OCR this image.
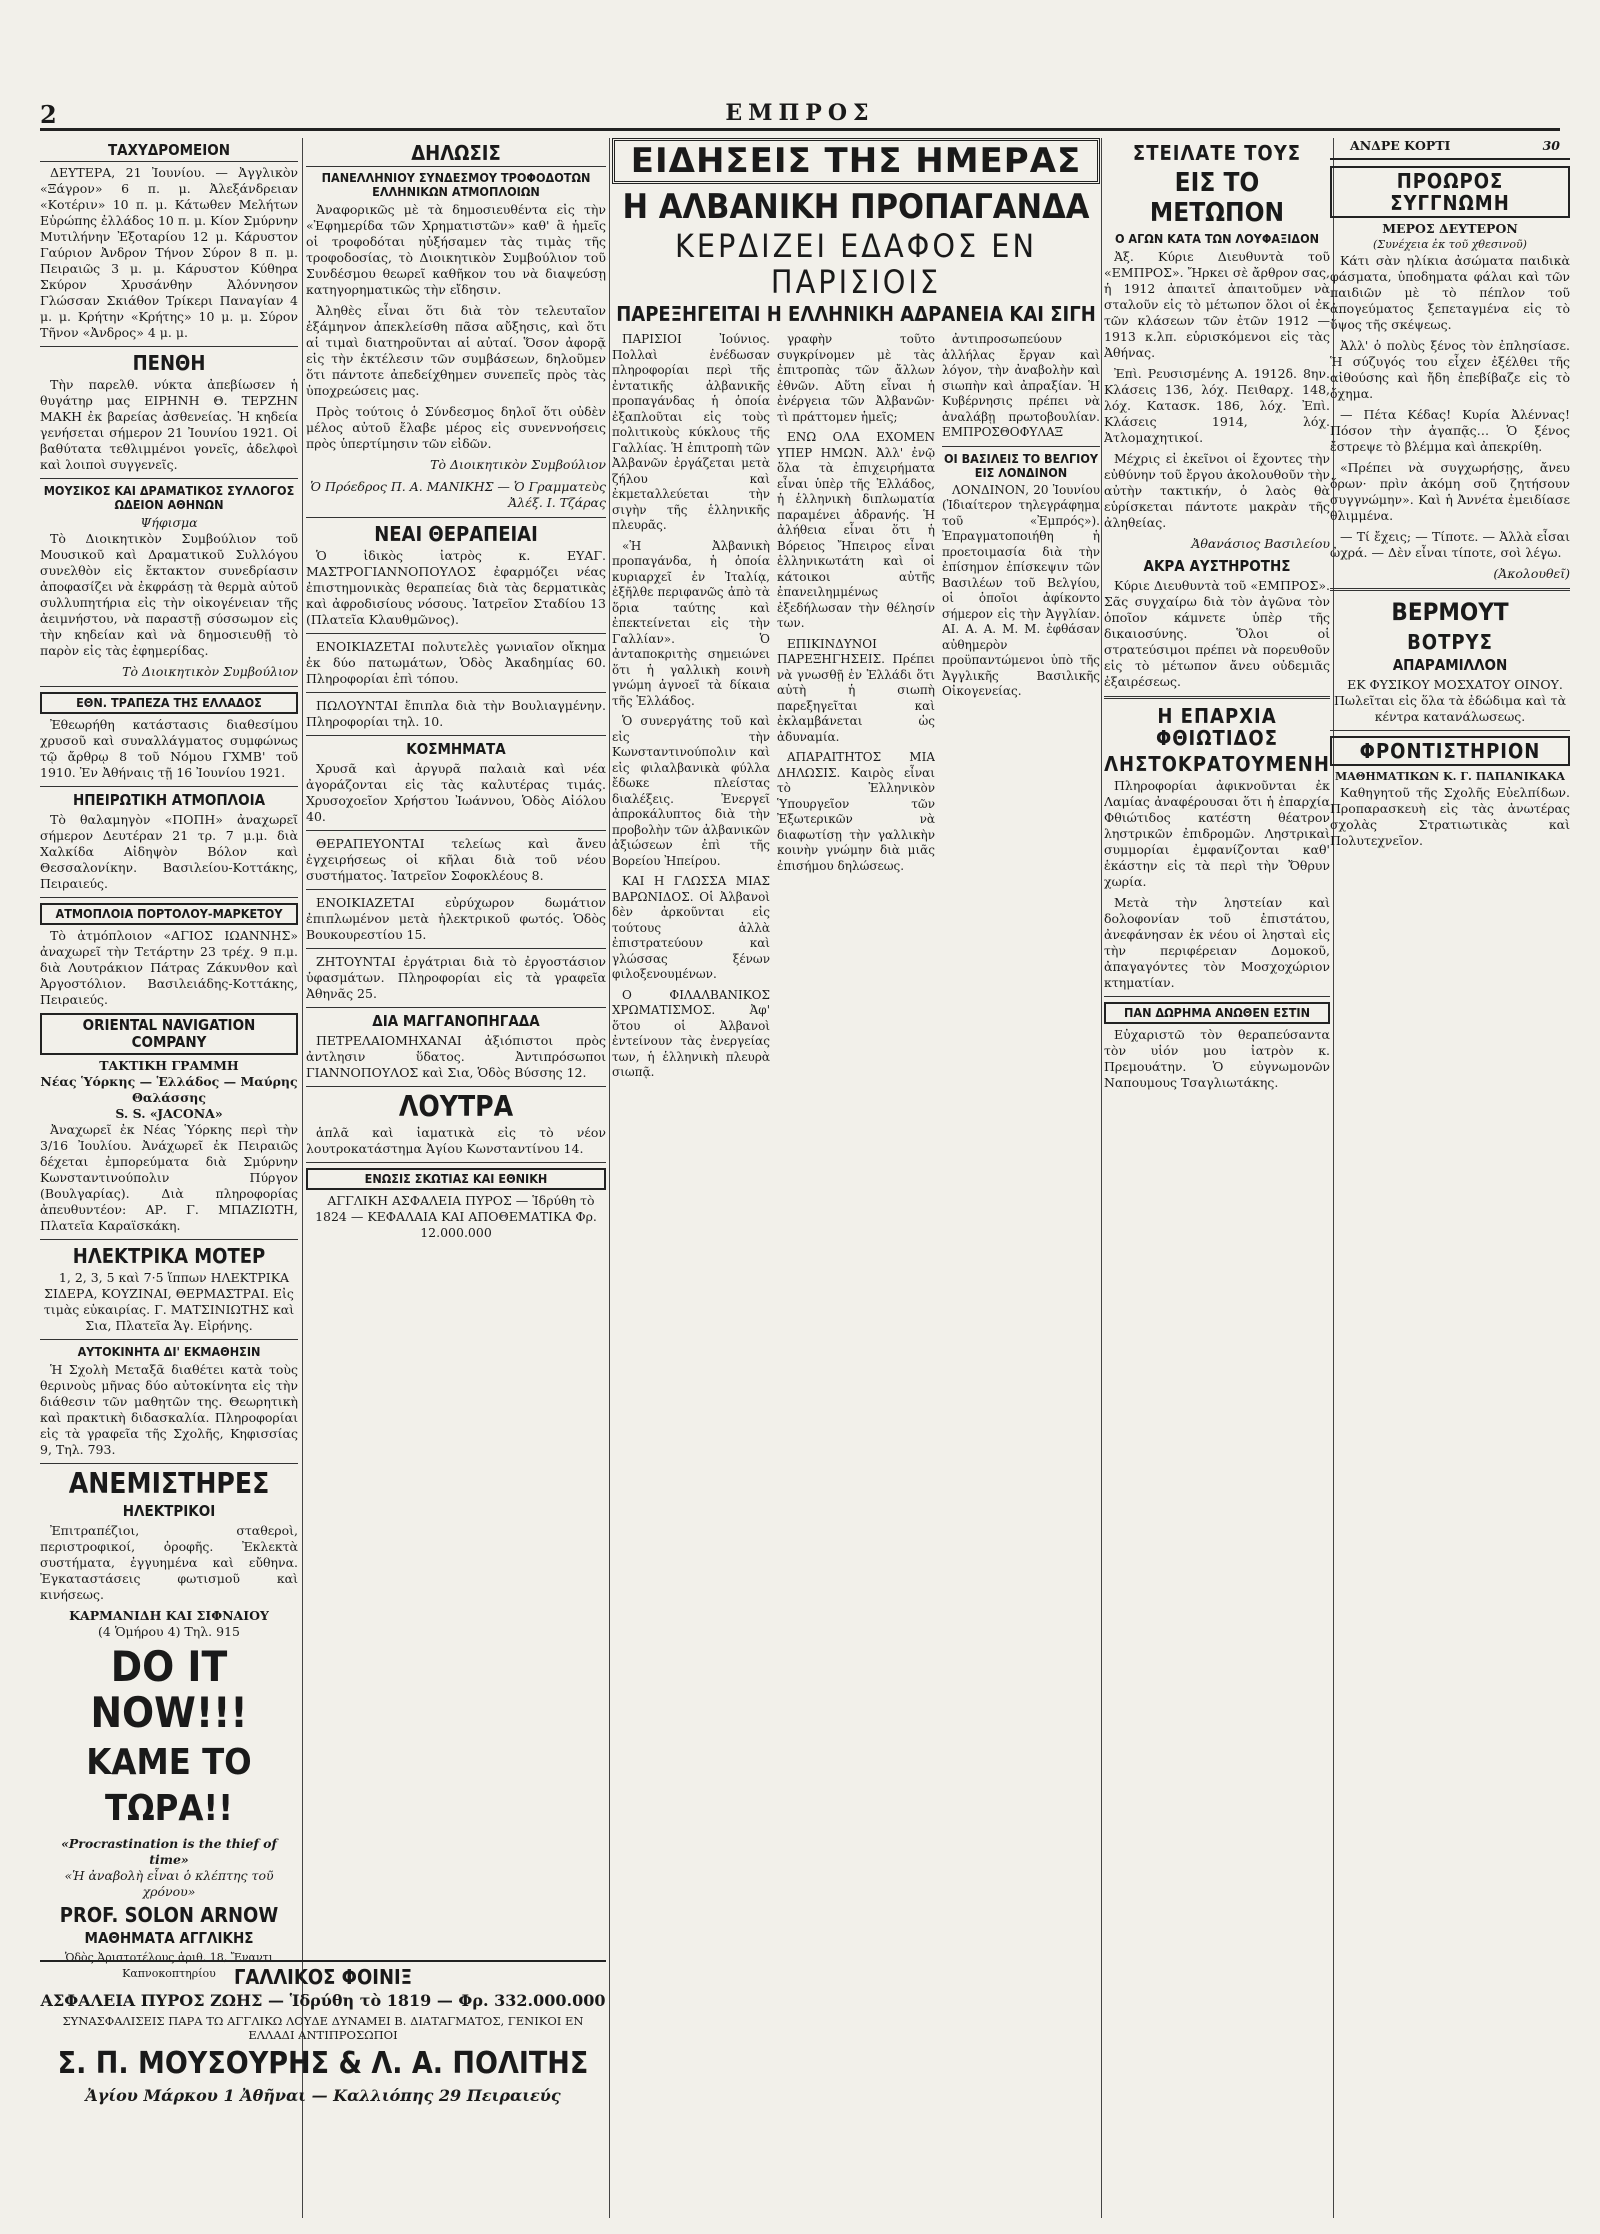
2	ΕΜΠΡΟΣ
ΤΑΧΥΔΡΟΜΕΙΟΝ

ΔΕΥΤΕΡΑ, 21 Ἰουνίου. — Ἀγγλικὸν «Ξάγρον» 6 π. μ. Ἀλεξάνδρειαν «Κοτέριν» 10 π. μ. Κάτωθεν Μελήτων Εὐρώπης ἐλλάδος 10 π. μ. Κίον Σμύρνην Μυτιλήνην Ἐξοταρίου 12 μ. Κάρυστον Γαύριον Ἀνδρον Τήνον Σύρον 8 π. μ. Πειραιῶς 3 μ. μ. Κάρυστον Κύθηρα Σκύρον Χρυσάνθην Ἀλόννησον Γλώσσαν Σκιάθον Τρίκερι Παναγίαν 4 μ. μ. Κρήτην «Κρήτης» 10 μ. μ. Σύρον Τῆνον «Ἀνδρος» 4 μ. μ.

ΠΕΝΘΗ

Τὴν παρελθ. νύκτα ἀπεβίωσεν ἡ θυγάτηρ μας ΕΙΡΗΝΗ Θ. ΤΕΡΖΗΝ ΜΑΚΗ ἐκ βαρείας ἀσθενείας. Ἡ κηδεία γενήσεται σήμερον 21 Ἰουνίου 1921. Οἱ βαθύτατα τεθλιμμένοι γονεῖς, ἀδελφοὶ καὶ λοιποὶ συγγενεῖς.

ΜΟΥΣΙΚΟΣ ΚΑΙ ΔΡΑΜΑΤΙΚΟΣ ΣΥΛΛΟΓΟΣ ΩΔΕΙΟΝ ΑΘΗΝΩΝ
Ψήφισμα

Τὸ Διοικητικὸν Συμβούλιον τοῦ Μουσικοῦ καὶ Δραματικοῦ Συλλόγου συνελθὸν εἰς ἔκτακτον συνεδρίασιν ἀποφασίζει νὰ ἐκφράσῃ τὰ θερμὰ αὐτοῦ συλλυπητήρια εἰς τὴν οἰκογένειαν τῆς ἀειμνήστου, νὰ παραστῇ σύσσωμον εἰς τὴν κηδείαν καὶ νὰ δημοσιευθῇ τὸ παρὸν εἰς τὰς ἐφημερίδας.

Τὸ Διοικητικὸν Συμβούλιον
ΕΘΝ. ΤΡΑΠΕΖΑ ΤΗΣ ΕΛΛΑΔΟΣ

Ἐθεωρήθη κατάστασις διαθεσίμου χρυσοῦ καὶ συναλλάγματος συμφώνως τῷ ἄρθρῳ 8 τοῦ Νόμου ΓΧΜΒ' τοῦ 1910. Ἐν Ἀθήναις τῇ 16 Ἰουνίου 1921.

ΗΠΕΙΡΩΤΙΚΗ ΑΤΜΟΠΛΟΙΑ

Τὸ θαλαμηγὸν «ΠΟΠΗ» ἀναχωρεῖ σήμερον Δευτέραν 21 τρ. 7 μ.μ. διὰ Χαλκίδα Αἰδηψὸν Βόλον καὶ Θεσσαλονίκην. Βασιλείου-Κοττάκης, Πειραιεύς.

ΑΤΜΟΠΛΟΙΑ ΠΟΡΤΟΛΟΥ-ΜΑΡΚΕΤΟΥ

Τὸ ἀτμόπλοιον «ΑΓΙΟΣ ΙΩΑΝΝΗΣ» ἀναχωρεῖ τὴν Τετάρτην 23 τρέχ. 9 π.μ. διὰ Λουτράκιον Πάτρας Ζάκυνθον καὶ Ἀργοστόλιον. Βασιλειάδης-Κοττάκης, Πειραιεύς.

ORIENTAL NAVIGATION COMPANY
ΤΑΚΤΙΚΗ ΓΡΑΜΜΗ
Νέας Ὑόρκης — Ἑλλάδος — Μαύρης Θαλάσσης
S. S. «JACONA»

Ἀναχωρεῖ ἐκ Νέας Ὑόρκης περὶ τὴν 3/16 Ἰουλίου. Ἀνάχωρεῖ ἐκ Πειραιῶς δέχεται ἐμπορεύματα διὰ Σμύρνην Κωνσταντινούπολιν Πύργον (Βουλγαρίας). Διὰ πληροφορίας ἀπευθυντέον: ΑΡ. Γ. ΜΠΑΖΙΩΤΗ, Πλατεῖα Καραϊσκάκη.

ΗΛΕΚΤΡΙΚΑ ΜΟΤΕΡ

1, 2, 3, 5 καὶ 7·5 ἵππων ΗΛΕΚΤΡΙΚΑ ΣΙΔΕΡΑ, ΚΟΥΖΙΝΑΙ, ΘΕΡΜΑΣΤΡΑΙ. Εἰς τιμὰς εὐκαιρίας. Γ. ΜΑΤΣΙΝΙΩΤΗΣ καὶ Σια, Πλατεῖα Ἁγ. Εἰρήνης.

ΑΥΤΟΚΙΝΗΤΑ ΔΙ' ΕΚΜΑΘΗΣΙΝ

Ἡ Σχολὴ Μεταξᾶ διαθέτει κατὰ τοὺς θερινοὺς μῆνας δύο αὐτοκίνητα εἰς τὴν διάθεσιν τῶν μαθητῶν της. Θεωρητικὴ καὶ πρακτικὴ διδασκαλία. Πληροφορίαι εἰς τὰ γραφεῖα τῆς Σχολῆς, Κηφισσίας 9, Τηλ. 793.

ΑΝΕΜΙΣΤΗΡΕΣ
ΗΛΕΚΤΡΙΚΟΙ

Ἐπιτραπέζιοι, σταθεροὶ, περιστροφικοί, ὀροφῆς. Ἐκλεκτὰ συστήματα, ἐγγυημένα καὶ εὔθηνα. Ἐγκαταστάσεις φωτισμοῦ καὶ κινήσεως.

ΚΑΡΜΑΝΙΔΗ ΚΑΙ ΣΙΦΝΑΙΟΥ
(4 Ὁμήρου 4) Τηλ. 915
DO IT NOW!!!
ΚΑΜΕ ΤΟ ΤΩΡΑ!!
«Procrastination is the thief of time»
«Ἡ ἀναβολὴ εἶναι ὁ κλέπτης τοῦ χρόνου»
PROF. SOLON ARNOW
ΜΑΘΗΜΑΤΑ ΑΓΓΛΙΚΗΣ
Ὁδὸς Ἀριστοτέλους ἀριθ. 18, Ἔναντι Καπνοκοπτηρίου
ΔΗΛΩΣΙΣ
ΠΑΝΕΛΛΗΝΙΟΥ ΣΥΝΔΕΣΜΟΥ ΤΡΟΦΟΔΟΤΩΝ ΕΛΛΗΝΙΚΩΝ ΑΤΜΟΠΛΟΙΩΝ

Ἀναφορικῶς μὲ τὰ δημοσιευθέντα εἰς τὴν «Ἐφημερίδα τῶν Χρηματιστῶν» καθ' ἃ ἡμεῖς οἱ τροφοδόται ηὐξήσαμεν τὰς τιμὰς τῆς τροφοδοσίας, τὸ Διοικητικὸν Συμβούλιον τοῦ Συνδέσμου θεωρεῖ καθῆκον του νὰ διαψεύσῃ κατηγορηματικῶς τὴν εἴδησιν.

Ἀληθὲς εἶναι ὅτι διὰ τὸν τελευταῖον ἑξάμηνον ἀπεκλείσθη πᾶσα αὔξησις, καὶ ὅτι αἱ τιμαὶ διατηροῦνται αἱ αὐταί. Ὅσον ἀφορᾷ εἰς τὴν ἐκτέλεσιν τῶν συμβάσεων, δηλοῦμεν ὅτι πάντοτε ἀπεδείχθημεν συνεπεῖς πρὸς τὰς ὑποχρεώσεις μας.

Πρὸς τούτοις ὁ Σύνδεσμος δηλοῖ ὅτι οὐδὲν μέλος αὐτοῦ ἔλαβε μέρος εἰς συνεννοήσεις πρὸς ὑπερτίμησιν τῶν εἰδῶν.

Τὸ Διοικητικὸν Συμβούλιον
Ὁ Πρόεδρος Π. Α. ΜΑΝΙΚΗΣ — Ὁ Γραμματεὺς Ἀλέξ. Ι. Τζάρας
ΝΕΑΙ ΘΕΡΑΠΕΙΑΙ

Ὁ ἰδικὸς ἰατρὸς κ. ΕΥΑΓ. ΜΑΣΤΡΟΓΙΑΝΝΟΠΟΥΛΟΣ ἐφαρμόζει νέας ἐπιστημονικὰς θεραπείας διὰ τὰς δερματικὰς καὶ ἀφροδισίους νόσους. Ἰατρεῖον Σταδίου 13 (Πλατεῖα Κλαυθμῶνος).

ΕΝΟΙΚΙΑΖΕΤΑΙ πολυτελὲς γωνιαῖον οἴκημα ἐκ δύο πατωμάτων, Ὁδὸς Ἀκαδημίας 60. Πληροφορίαι ἐπὶ τόπου.

ΠΩΛΟΥΝΤΑΙ ἔπιπλα διὰ τὴν Βουλιαγμένην. Πληροφορίαι τηλ. 10.

ΚΟΣΜΗΜΑΤΑ

Χρυσᾶ καὶ ἀργυρᾶ παλαιὰ καὶ νέα ἀγοράζονται εἰς τὰς καλυτέρας τιμάς. Χρυσοχοεῖον Χρήστου Ἰωάννου, Ὁδὸς Αἰόλου 40.

ΘΕΡΑΠΕΥΟΝΤΑΙ τελείως καὶ ἄνευ ἐγχειρήσεως οἱ κῆλαι διὰ τοῦ νέου συστήματος. Ἰατρεῖον Σοφοκλέους 8.

ΕΝΟΙΚΙΑΖΕΤΑΙ εὐρύχωρον δωμάτιον ἐπιπλωμένον μετὰ ἠλεκτρικοῦ φωτός. Ὁδὸς Βουκουρεστίου 15.

ΖΗΤΟΥΝΤΑΙ ἐργάτριαι διὰ τὸ ἐργοστάσιον ὑφασμάτων. Πληροφορίαι εἰς τὰ γραφεῖα Ἀθηνᾶς 25.

ΔΙΑ ΜΑΓΓΑΝΟΠΗΓΑΔΑ

ΠΕΤΡΕΛΑΙΟΜΗΧΑΝΑΙ ἀξιόπιστοι πρὸς ἀντλησιν ὕδατος. Ἀντιπρόσωποι ΓΙΑΝΝΟΠΟΥΛΟΣ καὶ Σια, Ὁδὸς Βύσσης 12.

ΛΟΥΤΡΑ

ἁπλᾶ καὶ ἰαματικὰ εἰς τὸ νέον λουτροκατάστημα Ἀγίου Κωνσταντίνου 14.

ΕΝΩΣΙΣ ΣΚΩΤΙΑΣ ΚΑΙ ΕΘΝΙΚΗ

ΑΓΓΛΙΚΗ ΑΣΦΑΛΕΙΑ ΠΥΡΟΣ — Ἱδρύθη τὸ 1824 — ΚΕΦΑΛΑΙΑ ΚΑΙ ΑΠΟΘΕΜΑΤΙΚΑ Φρ. 12.000.000

ΓΑΛΛΙΚΟΣ ΦΟΙΝΙΞ
ΑΣΦΑΛΕΙΑ ΠΥΡΟΣ ΖΩΗΣ — Ἱδρύθη τὸ 1819 — Φρ. 332.000.000
ΣΥΝΑΣΦΑΛΙΣΕΙΣ ΠΑΡΑ ΤΩ ΑΓΓΛΙΚΩ ΛΟΥΔΕ ΔΥΝΑΜΕΙ Β. ΔΙΑΤΑΓΜΑΤΟΣ, ΓΕΝΙΚΟΙ ΕΝ ΕΛΛΑΔΙ ΑΝΤΙΠΡΟΣΩΠΟΙ
Σ. Π. ΜΟΥΣΟΥΡΗΣ & Λ. Α. ΠΟΛΙΤΗΣ
Ἀγίου Μάρκου 1 Ἀθῆναι — Καλλιόπης 29 Πειραιεύς
ΕΙΔΗΣΕΙΣ ΤΗΣ ΗΜΕΡΑΣ
Η ΑΛΒΑΝΙΚΗ ΠΡΟΠΑΓΑΝΔΑ
ΚΕΡΔΙΖΕΙ ΕΔΑΦΟΣ ΕΝ ΠΑΡΙΣΙΟΙΣ
ΠΑΡΕΞΗΓΕΙΤΑΙ Η ΕΛΛΗΝΙΚΗ ΑΔΡΑΝΕΙΑ ΚΑΙ ΣΙΓΗ

ΠΑΡΙΣΙΟΙ Ἰούνιος. Πολλαὶ ἐνέδωσαν πληροφορίαι περὶ τῆς ἐντατικῆς ἀλβανικῆς προπαγάνδας ἡ ὁποία ἐξαπλοῦται εἰς τοὺς πολιτικοὺς κύκλους τῆς Γαλλίας. Ἡ ἐπιτροπὴ τῶν Ἀλβανῶν ἐργάζεται μετὰ ζήλου καὶ ἐκμεταλλεύεται τὴν σιγὴν τῆς ἑλληνικῆς πλευρᾶς.

«Ἡ Ἀλβανικὴ προπαγάνδα, ἡ ὁποία κυριαρχεῖ ἐν Ἰταλίᾳ, ἐξῆλθε περιφανῶς ἀπὸ τὰ ὅρια ταύτης καὶ ἐπεκτείνεται εἰς τὴν Γαλλίαν». Ὁ ἀνταποκριτὴς σημειώνει ὅτι ἡ γαλλικὴ κοινὴ γνώμη ἀγνοεῖ τὰ δίκαια τῆς Ἑλλάδος.

Ὁ συνεργάτης τοῦ καὶ εἰς τὴν Κωνσταντινούπολιν καὶ εἰς φιλαλβανικὰ φύλλα ἔδωκε πλείστας διαλέξεις. Ἐνεργεῖ ἀπροκάλυπτος διὰ τὴν προβολὴν τῶν ἀλβανικῶν ἀξιώσεων ἐπὶ τῆς Βορείου Ἠπείρου.

ΚΑΙ Η ΓΛΩΣΣΑ ΜΙΑΣ ΒΑΡΩΝΙΔΟΣ. Οἱ Ἀλβανοὶ δὲν ἀρκοῦνται εἰς τούτους ἀλλὰ ἐπιστρατεύουν καὶ γλώσσας ξένων φιλοξενουμένων.

Ο ΦΙΛΑΛΒΑΝΙΚΟΣ ΧΡΩΜΑΤΙΣΜΟΣ. Ἀφ' ὅτου οἱ Ἀλβανοὶ ἐντείνουν τὰς ἐνεργείας των, ἡ ἑλληνικὴ πλευρὰ σιωπᾷ.

γραφὴν τοῦτο συγκρίνομεν μὲ τὰς ἐπιτροπὰς τῶν ἄλλων ἐθνῶν. Αὕτη εἶναι ἡ ἐνέργεια τῶν Ἀλβανῶν· τὶ πράττομεν ἡμεῖς;

ΕΝΩ ΟΛΑ ΕΧΟΜΕΝ ΥΠΕΡ ΗΜΩΝ. Ἀλλ' ἐνῷ ὅλα τὰ ἐπιχειρήματα εἶναι ὑπὲρ τῆς Ἑλλάδος, ἡ ἑλληνικὴ διπλωματία παραμένει ἀδρανής. Ἡ ἀλήθεια εἶναι ὅτι ἡ Βόρειος Ἤπειρος εἶναι ἑλληνικωτάτη καὶ οἱ κάτοικοι αὐτῆς ἐπανειλημμένως ἐξεδήλωσαν τὴν θέλησίν των.

ΕΠΙΚΙΝΔΥΝΟΙ ΠΑΡΕΞΗΓΗΣΕΙΣ. Πρέπει νὰ γνωσθῇ ἐν Ἑλλάδι ὅτι αὐτὴ ἡ σιωπὴ παρεξηγεῖται καὶ ἐκλαμβάνεται ὡς ἀδυναμία.

ΑΠΑΡΑΙΤΗΤΟΣ ΜΙΑ ΔΗΛΩΣΙΣ. Καιρὸς εἶναι τὸ Ἑλληνικὸν Ὑπουργεῖον τῶν Ἐξωτερικῶν νὰ διαφωτίσῃ τὴν γαλλικὴν κοινὴν γνώμην διὰ μιᾶς ἐπισήμου δηλώσεως.

ἀντιπροσωπεύουν ἀλλήλας ἔργαν καὶ λόγον, τὴν ἀναβολὴν καὶ σιωπὴν καὶ ἀπραξίαν. Ἡ Κυβέρνησις πρέπει νὰ ἀναλάβῃ πρωτοβουλίαν. ΕΜΠΡΟΣΘΟΦΥΛΑΞ

ΟΙ ΒΑΣΙΛΕΙΣ ΤΟ ΒΕΛΓΙΟΥ ΕΙΣ ΛΟΝΔΙΝΟΝ

ΛΟΝΔΙΝΟΝ, 20 Ἰουνίου (Ἰδιαίτερον τηλεγράφημα τοῦ «Ἐμπρός»). Ἐπραγματοποιήθη ἡ προετοιμασία διὰ τὴν ἐπίσημον ἐπίσκεψιν τῶν Βασιλέων τοῦ Βελγίου, οἱ ὁποῖοι ἀφίκοντο σήμερον εἰς τὴν Ἀγγλίαν. ΑΙ. Α. Α. Μ. Μ. ἐφθάσαν αὐθημερὸν προϋπαντώμενοι ὑπὸ τῆς Ἀγγλικῆς Βασιλικῆς Οἰκογενείας.

ΣΤΕΙΛΑΤΕ ΤΟΥΣ
ΕΙΣ ΤΟ ΜΕΤΩΠΟΝ
Ο ΑΓΩΝ ΚΑΤΑ ΤΩΝ ΛΟΥΦΑΞΙΔΟΝ

Ἀξ. Κύριε Διευθυντὰ τοῦ «ΕΜΠΡΟΣ». Ἤρκει σὲ ἄρθρον σας, ἡ 1912 ἀπαιτεῖ ἀπαιτοῦμεν νὰ σταλοῦν εἰς τὸ μέτωπον ὅλοι οἱ ἐκ τῶν κλάσεων τῶν ἐτῶν 1912 — 1913 κ.λπ. εὑρισκόμενοι εἰς τὰς Ἀθήνας.

Ἐπὶ. Ρευσισμένης Α. 1912δ. 8ην. Κλάσεις 136, λόχ. Πειθαρχ. 148, λόχ. Κατασκ. 186, λόχ. Ἐπὶ. Κλάσεις 1914, λόχ. Ἀτλομαχητικοί.

Μέχρις εἰ ἐκεῖνοι οἱ ἔχοντες τὴν εὐθύνην τοῦ ἔργου ἀκολουθοῦν τὴν αὐτὴν τακτικήν, ὁ λαὸς θὰ εὑρίσκεται πάντοτε μακρὰν τῆς ἀληθείας.

Ἀθανάσιος Βασιλείου
ΑΚΡΑ ΑΥΣΤΗΡΟΤΗΣ

Κύριε Διευθυντὰ τοῦ «ΕΜΠΡΟΣ». Σᾶς συγχαίρω διὰ τὸν ἀγῶνα τὸν ὁποῖον κάμνετε ὑπὲρ τῆς δικαιοσύνης. Ὅλοι οἱ στρατεύσιμοι πρέπει νὰ πορευθοῦν εἰς τὸ μέτωπον ἄνευ οὐδεμιᾶς ἐξαιρέσεως.

Η ΕΠΑΡΧΙΑ ΦΘΙΩΤΙΔΟΣ
ΛΗΣΤΟΚΡΑΤΟΥΜΕΝΗ

Πληροφορίαι ἀφικνοῦνται ἐκ Λαμίας ἀναφέρουσαι ὅτι ἡ ἐπαρχία Φθιώτιδος κατέστη θέατρον ληστρικῶν ἐπιδρομῶν. Ληστρικαὶ συμμορίαι ἐμφανίζονται καθ' ἑκάστην εἰς τὰ περὶ τὴν Ὄθρυν χωρία.

Μετὰ τὴν ληστείαν καὶ δολοφονίαν τοῦ ἐπιστάτου, ἀνεφάνησαν ἐκ νέου οἱ λησταὶ εἰς τὴν περιφέρειαν Δομοκοῦ, ἀπαγαγόντες τὸν Μοσχοχώριον κτηματίαν.

ΠΑΝ ΔΩΡΗΜΑ ΑΝΩΘΕΝ ΕΣΤΙΝ

Εὐχαριστῶ τὸν θεραπεύσαντα τὸν υἱόν μου ἰατρὸν κ. Πρεμουάτην. Ὁ εὐγνωμονῶν Ναπουμους Τσαγλιωτάκης.

ΑΝΔΡΕ ΚΟΡΤΙ	30
ΠΡΟΩΡΟΣ ΣΥΓΓΝΩΜΗ
ΜΕΡΟΣ ΔΕΥΤΕΡΟΝ
(Συνέχεια ἐκ τοῦ χθεσινοῦ)

Κάτι σὰν ηλίκια ἀσώματα παιδικὰ φάσματα, ὑποδηματα φάλαι καὶ τῶν παιδιῶν μὲ τὸ πέπλον τοῦ ἀπογεύματος ξεπεταγμένα εἰς τὸ ὕψος τῆς σκέψεως.

Ἀλλ' ὁ πολὺς ξένος τὸν ἐπλησίασε. Ἡ σύζυγός του εἶχεν ἐξέλθει τῆς αἰθούσης καὶ ἤδη ἐπεβίβαζε εἰς τὸ ὄχημα.

— Πέτα Κέδας! Κυρία Ἀλέννας! Πόσον τὴν ἀγαπᾷς… Ὁ ξένος ἔστρεψε τὸ βλέμμα καὶ ἀπεκρίθη.

«Πρέπει νὰ συγχωρήσῃς, ἄνευ ὅρων· πρὶν ἀκόμη σοῦ ζητήσουν συγγνώμην». Καὶ ἡ Ἀννέτα ἐμειδίασε θλιμμένα.

— Τί ἔχεις; — Τίποτε. — Ἀλλὰ εἶσαι ὠχρά. — Δὲν εἶναι τίποτε, σοὶ λέγω.

(Ἀκολουθεῖ)
ΒΕΡΜΟΥΤ
ΒΟΤΡΥΣ
ΑΠΑΡΑΜΙΛΛΟΝ

ΕΚ ΦΥΣΙΚΟΥ ΜΟΣΧΑΤΟΥ ΟΙΝΟΥ. Πωλεῖται εἰς ὅλα τὰ ἐδώδιμα καὶ τὰ κέντρα κατανάλωσεως.

ΦΡΟΝΤΙΣΤΗΡΙΟΝ
ΜΑΘΗΜΑΤΙΚΩΝ Κ. Γ. ΠΑΠΑΝΙΚΑΚΑ

Καθηγητοῦ τῆς Σχολῆς Εὐελπίδων. Προπαρασκευὴ εἰς τὰς ἀνωτέρας σχολὰς Στρατιωτικὰς καὶ Πολυτεχνεῖον.
